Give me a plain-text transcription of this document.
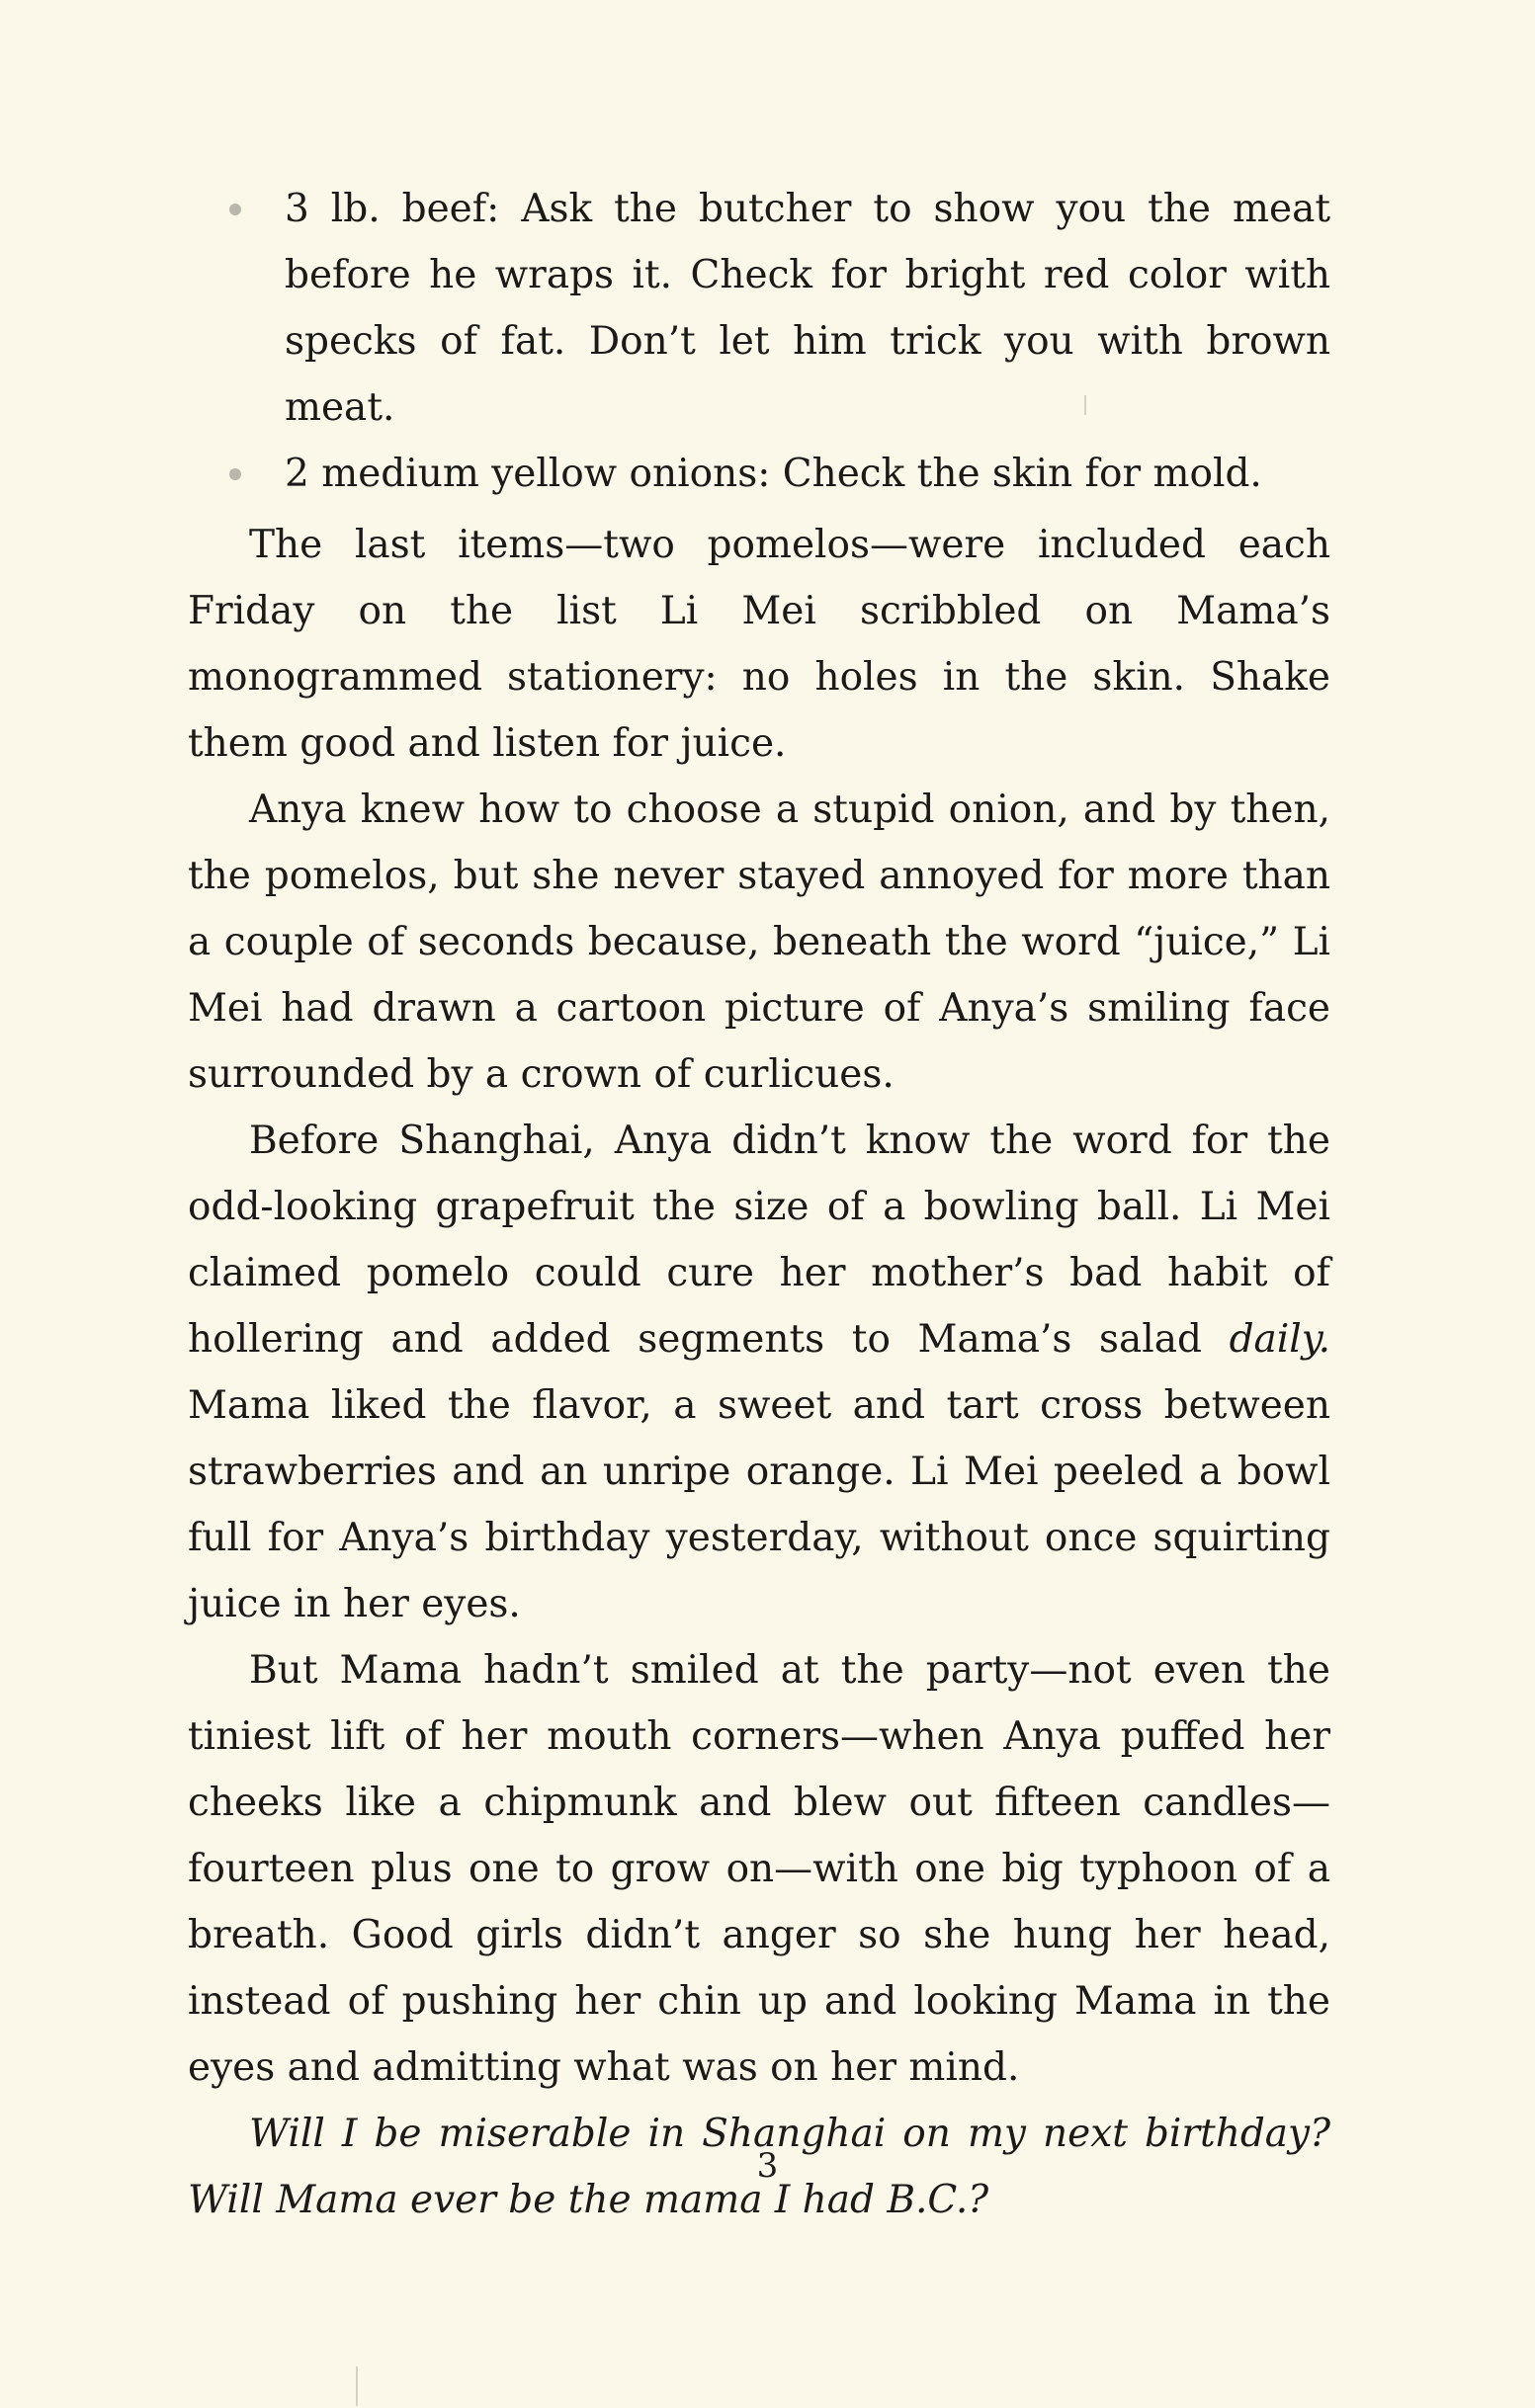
3 lb. beef: Ask the butcher to show you the meat before he wraps it. Check for bright red color with specks of fat. Don’t let him trick you with brown meat.
2 medium yellow onions: Check the skin for mold.

The last items—two pomelos—were included each Friday on the list Li Mei scribbled on Mama’s monogrammed stationery: no holes in the skin. Shake them good and listen for juice.

Anya knew how to choose a stupid onion, and by then, the pomelos, but she never stayed annoyed for more than a couple of seconds because, beneath the word “juice,” Li Mei had drawn a cartoon picture of Anya’s smiling face surrounded by a crown of curlicues.

Before Shanghai, Anya didn’t know the word for the odd-looking grapefruit the size of a bowling ball. Li Mei claimed pomelo could cure her mother’s bad habit of hollering and added segments to Mama’s salad daily. Mama liked the flavor, a sweet and tart cross between strawberries and an unripe orange. Li Mei peeled a bowl full for Anya’s birthday yesterday, without once squirting juice in her eyes.

But Mama hadn’t smiled at the party—not even the tiniest lift of her mouth corners—when Anya puffed her cheeks like a chipmunk and blew out fifteen candles—fourteen plus one to grow on—with one big typhoon of a breath. Good girls didn’t anger so she hung her head, instead of pushing her chin up and looking Mama in the eyes and admitting what was on her mind.

Will I be miserable in Shanghai on my next birthday? Will Mama ever be the mama I had B.C.?

3
